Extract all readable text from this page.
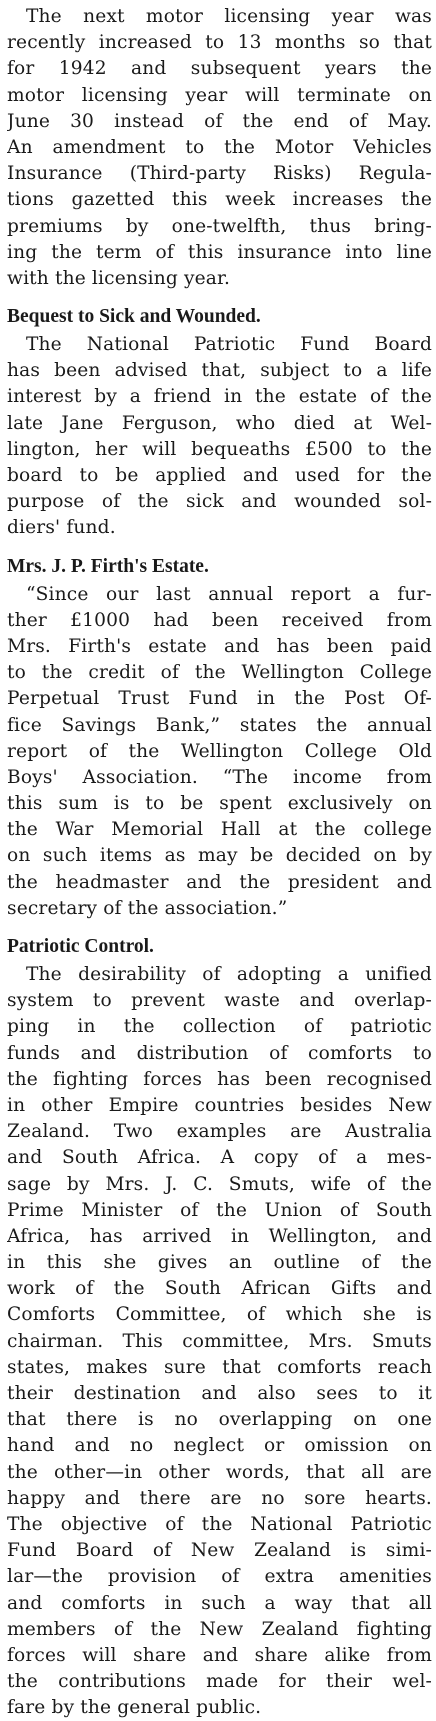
The next motor licensing year was
recently increased to 13 months so that
for 1942 and subsequent years the
motor licensing year will terminate on
June 30 instead of the end of May.
An amendment to the Motor Vehicles
Insurance (Third-party Risks) Regula-
tions gazetted this week increases the
premiums by one-twelfth, thus bring-
ing the term of this insurance into line
with the licensing year.
Bequest to Sick and Wounded.
The National Patriotic Fund Board
has been advised that, subject to a life
interest by a friend in the estate of the
late Jane Ferguson, who died at Wel-
lington, her will bequeaths £500 to the
board to be applied and used for the
purpose of the sick and wounded sol-
diers' fund.
Mrs. J. P. Firth's Estate.
“Since our last annual report a fur-
ther £1000 had been received from
Mrs. Firth's estate and has been paid
to the credit of the Wellington College
Perpetual Trust Fund in the Post Of-
fice Savings Bank,” states the annual
report of the Wellington College Old
Boys' Association. “The income from
this sum is to be spent exclusively on
the War Memorial Hall at the college
on such items as may be decided on by
the headmaster and the president and
secretary of the association.”
Patriotic Control.
The desirability of adopting a unified
system to prevent waste and overlap-
ping in the collection of patriotic
funds and distribution of comforts to
the fighting forces has been recognised
in other Empire countries besides New
Zealand. Two examples are Australia
and South Africa. A copy of a mes-
sage by Mrs. J. C. Smuts, wife of the
Prime Minister of the Union of South
Africa, has arrived in Wellington, and
in this she gives an outline of the
work of the South African Gifts and
Comforts Committee, of which she is
chairman. This committee, Mrs. Smuts
states, makes sure that comforts reach
their destination and also sees to it
that there is no overlapping on one
hand and no neglect or omission on
the other—in other words, that all are
happy and there are no sore hearts.
The objective of the National Patriotic
Fund Board of New Zealand is simi-
lar—the provision of extra amenities
and comforts in such a way that all
members of the New Zealand fighting
forces will share and share alike from
the contributions made for their wel-
fare by the general public.
